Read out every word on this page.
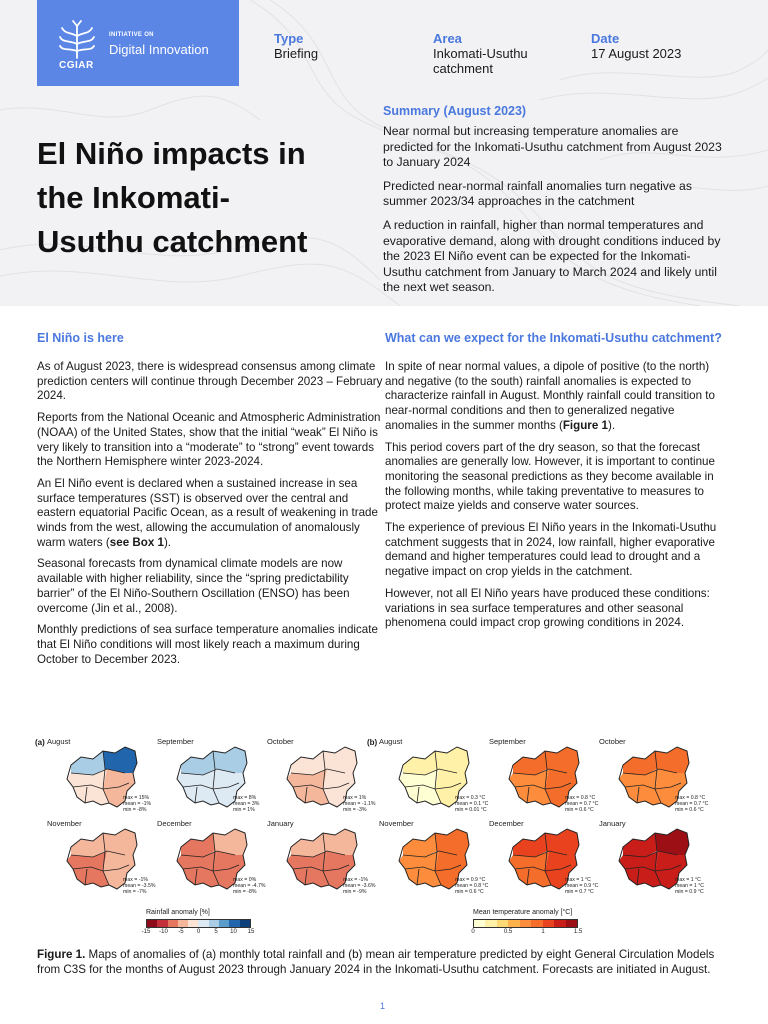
CGIAR
INITIATIVE ON
Digital Innovation
Type
Briefing
Area
Inkomati-Usuthu
catchment
Date
17 August 2023
El Niño impacts in
the Inkomati-
Usuthu catchment
Summary (August 2023)

Near normal but increasing temperature anomalies are predicted for the Inkomati-Usuthu catchment from August 2023 to January 2024

Predicted near-normal rainfall anomalies turn negative as summer 2023/34 approaches in the catchment

A reduction in rainfall, higher than normal temperatures and evaporative demand, along with drought conditions induced by the 2023 El Niño event can be expected for the Inkomati-Usuthu catchment from January to March 2024 and likely until the next wet season.

El Niño is here

As of August 2023, there is widespread consensus among climate prediction centers will continue through December 2023 – February 2024.

Reports from the National Oceanic and Atmospheric Administration (NOAA) of the United States, show that the initial “weak” El Niño is very likely to transition into a “moderate” to “strong” event towards the Northern Hemisphere winter 2023-2024.

An El Niño event is declared when a sustained increase in sea surface temperatures (SST) is observed over the central and eastern equatorial Pacific Ocean, as a result of weakening in trade winds from the west, allowing the accumulation of anomalously warm waters (see Box 1).

Seasonal forecasts from dynamical climate models are now available with higher reliability, since the “spring predictability barrier” of the El Niño-Southern Oscillation (ENSO) has been overcome (Jin et al., 2008).

Monthly predictions of sea surface temperature anomalies indicate that El Niño conditions will most likely reach a maximum during October to December 2023.

What can we expect for the Inkomati-Usuthu catchment?

In spite of near normal values, a dipole of positive (to the north) and negative (to the south) rainfall anomalies is expected to characterize rainfall in August. Monthly rainfall could transition to near-normal conditions and then to generalized negative anomalies in the summer months (Figure 1).

This period covers part of the dry season, so that the forecast anomalies are generally low. However, it is important to continue monitoring the seasonal predictions as they become available in the following months, while taking preventative to measures to protect maize yields and conserve water sources.

The experience of previous El Niño years in the Inkomati-Usuthu catchment suggests that in 2024, low rainfall, higher evaporative demand and higher temperatures could lead to drought and a negative impact on crop yields in the catchment.

However, not all El Niño years have produced these conditions: variations in sea surface temperatures and other seasonal phenomena could impact crop growing conditions in 2024.

(a)	(b)
Rainfall anomaly [%]
-15 -10 -5 0 5 10 15
Mean temperature anomaly [°C]
0	0.5	1	1.5
August
max = 15%
mean = -1%
min = -8%
September
max = 8%
mean = 3%
min = 1%
October
max = 1%
mean = -1.1%
min = -3%
November
max = -1%
mean = -3.5%
min = -7%
December
max = 0%
mean = -4.7%
min = -8%
January
max = -1%
mean = -3.6%
min = -9%
August
max = 0.3 °C
mean = 0.1 °C
min = 0.01 °C
September
max = 0.8 °C
mean = 0.7 °C
min = 0.6 °C
October
max = 0.8 °C
mean = 0.7 °C
min = 0.6 °C
November
max = 0.9 °C
mean = 0.8 °C
min = 0.6 °C
December
max = 1 °C
mean = 0.9 °C
min = 0.7 °C
January
max = 1 °C
mean = 1 °C
min = 0.9 °C
Figure 1. Maps of anomalies of (a) monthly total rainfall and (b) mean air temperature predicted by eight General Circulation Models from C3S for the months of August 2023 through January 2024 in the Inkomati-Usuthu catchment. Forecasts are initiated in August.
1
